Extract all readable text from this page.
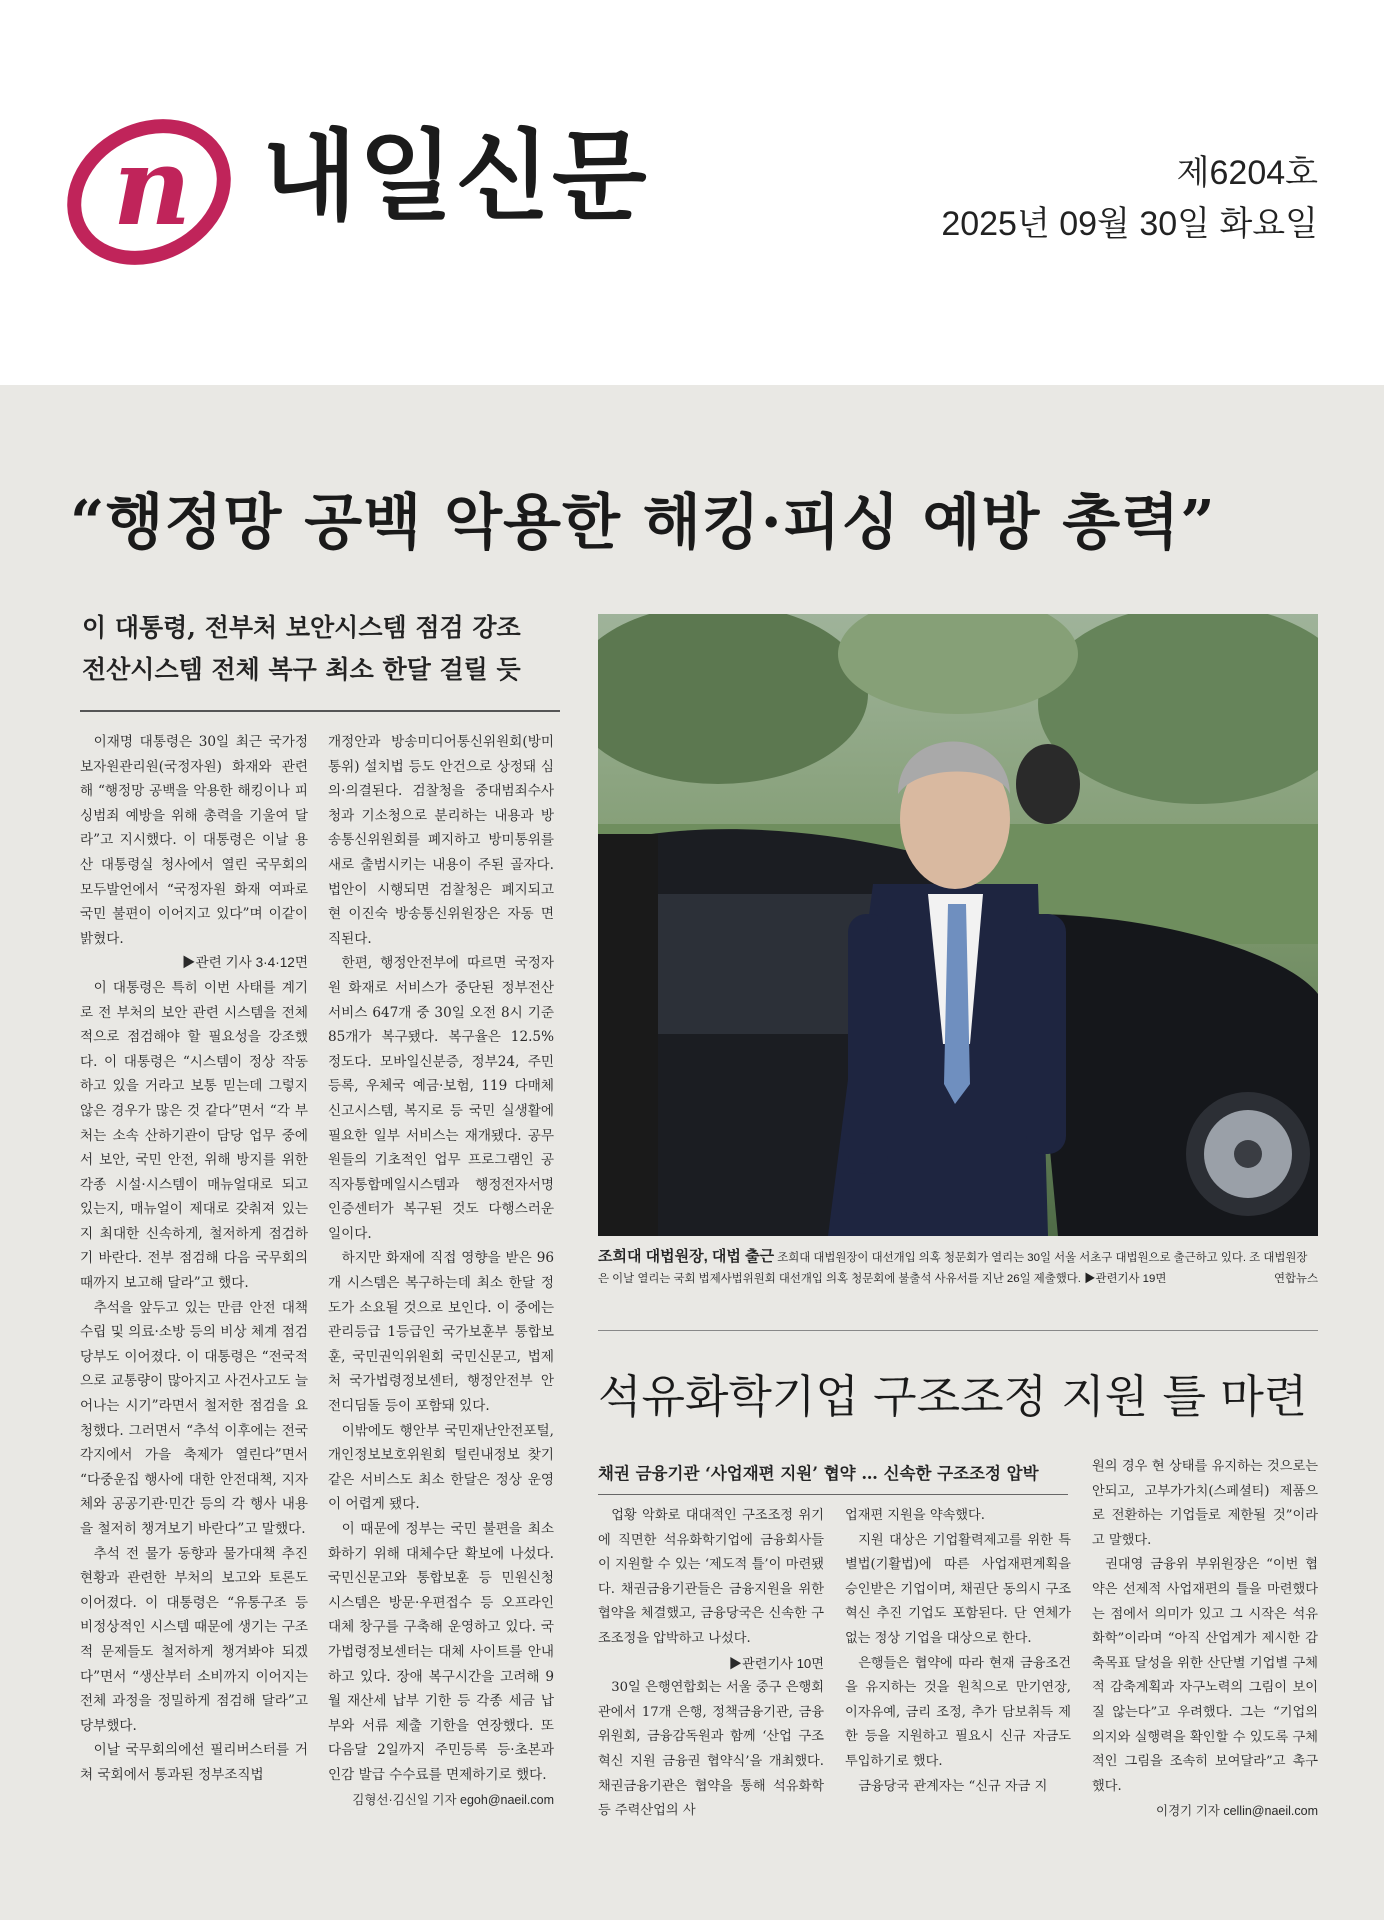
n 내일신문	제6204호
2025년 09월 30일 화요일
“행정망 공백 악용한 해킹·피싱 예방 총력”
이 대통령, 전부처 보안시스템 점검 강조
전산시스템 전체 복구 최소 한달 걸릴 듯

이재명 대통령은 30일 최근 국가정보자원관리원(국정자원) 화재와 관련해 “행정망 공백을 악용한 해킹이나 피싱범죄 예방을 위해 총력을 기울여 달라”고 지시했다. 이 대통령은 이날 용산 대통령실 청사에서 열린 국무회의 모두발언에서 “국정자원 화재 여파로 국민 불편이 이어지고 있다”며 이같이 밝혔다.

▶관련 기사 3·4·12면

이 대통령은 특히 이번 사태를 계기로 전 부처의 보안 관련 시스템을 전체적으로 점검해야 할 필요성을 강조했다. 이 대통령은 “시스템이 정상 작동하고 있을 거라고 보통 믿는데 그렇지 않은 경우가 많은 것 같다”면서 “각 부처는 소속 산하기관이 담당 업무 중에서 보안, 국민 안전, 위해 방지를 위한 각종 시설·시스템이 매뉴얼대로 되고 있는지, 매뉴얼이 제대로 갖춰져 있는지 최대한 신속하게, 철저하게 점검하기 바란다. 전부 점검해 다음 국무회의 때까지 보고해 달라”고 했다.

추석을 앞두고 있는 만큼 안전 대책 수립 및 의료·소방 등의 비상 체계 점검 당부도 이어졌다. 이 대통령은 “전국적으로 교통량이 많아지고 사건사고도 늘어나는 시기”라면서 철저한 점검을 요청했다. 그러면서 “추석 이후에는 전국 각지에서 가을 축제가 열린다”면서 “다중운집 행사에 대한 안전대책, 지자체와 공공기관·민간 등의 각 행사 내용을 철저히 챙겨보기 바란다”고 말했다.

추석 전 물가 동향과 물가대책 추진 현황과 관련한 부처의 보고와 토론도 이어졌다. 이 대통령은 “유통구조 등 비정상적인 시스템 때문에 생기는 구조적 문제들도 철저하게 챙겨봐야 되겠다”면서 “생산부터 소비까지 이어지는 전체 과정을 정밀하게 점검해 달라”고 당부했다.

이날 국무회의에선 필리버스터를 거쳐 국회에서 통과된 정부조직법

개정안과 방송미디어통신위원회(방미통위) 설치법 등도 안건으로 상정돼 심의·의결된다. 검찰청을 중대범죄수사청과 기소청으로 분리하는 내용과 방송통신위원회를 폐지하고 방미통위를 새로 출범시키는 내용이 주된 골자다. 법안이 시행되면 검찰청은 폐지되고 현 이진숙 방송통신위원장은 자동 면직된다.

한편, 행정안전부에 따르면 국정자원 화재로 서비스가 중단된 정부전산 서비스 647개 중 30일 오전 8시 기준 85개가 복구됐다. 복구율은 12.5% 정도다. 모바일신분증, 정부24, 주민등록, 우체국 예금·보험, 119 다매체 신고시스템, 복지로 등 국민 실생활에 필요한 일부 서비스는 재개됐다. 공무원들의 기초적인 업무 프로그램인 공직자통합메일시스템과 행정전자서명인증센터가 복구된 것도 다행스러운 일이다.

하지만 화재에 직접 영향을 받은 96개 시스템은 복구하는데 최소 한달 정도가 소요될 것으로 보인다. 이 중에는 관리등급 1등급인 국가보훈부 통합보훈, 국민권익위원회 국민신문고, 법제처 국가법령정보센터, 행정안전부 안전디딤돌 등이 포함돼 있다.

이밖에도 행안부 국민재난안전포털, 개인정보보호위원회 털린내정보 찾기 같은 서비스도 최소 한달은 정상 운영이 어렵게 됐다.

이 때문에 정부는 국민 불편을 최소화하기 위해 대체수단 확보에 나섰다. 국민신문고와 통합보훈 등 민원신청 시스템은 방문·우편접수 등 오프라인 대체 창구를 구축해 운영하고 있다. 국가법령정보센터는 대체 사이트를 안내하고 있다. 장애 복구시간을 고려해 9월 재산세 납부 기한 등 각종 세금 납부와 서류 제출 기한을 연장했다. 또 다음달 2일까지 주민등록 등·초본과 인감 발급 수수료를 면제하기로 했다.

김형선·김신일 기자 egoh@naeil.com

조희대 대법원장, 대법 출근 조희대 대법원장이 대선개입 의혹 청문회가 열리는 30일 서울 서초구 대법원으로 출근하고 있다. 조 대법원장은 이날 열리는 국회 법제사법위원회 대선개입 의혹 청문회에 불출석 사유서를 지난 26일 제출했다. ▶관련기사 19면	연합뉴스
석유화학기업 구조조정 지원 틀 마련
채권 금융기관 ‘사업재편 지원’ 협약 … 신속한 구조조정 압박

업황 악화로 대대적인 구조조정 위기에 직면한 석유화학기업에 금융회사들이 지원할 수 있는 ‘제도적 틀’이 마련됐다. 채권금융기관들은 금융지원을 위한 협약을 체결했고, 금융당국은 신속한 구조조정을 압박하고 나섰다.

▶관련기사 10면

30일 은행연합회는 서울 중구 은행회관에서 17개 은행, 정책금융기관, 금융위원회, 금융감독원과 함께 ‘산업 구조혁신 지원 금융권 협약식’을 개최했다. 채권금융기관은 협약을 통해 석유화학 등 주력산업의 사

업재편 지원을 약속했다.

지원 대상은 기업활력제고를 위한 특별법(기활법)에 따른 사업재편계획을 승인받은 기업이며, 채권단 동의시 구조혁신 추진 기업도 포함된다. 단 연체가 없는 정상 기업을 대상으로 한다.

은행들은 협약에 따라 현재 금융조건을 유지하는 것을 원칙으로 만기연장, 이자유예, 금리 조정, 추가 담보취득 제한 등을 지원하고 필요시 신규 자금도 투입하기로 했다.

금융당국 관계자는 “신규 자금 지

원의 경우 현 상태를 유지하는 것으로는 안되고, 고부가가치(스페셜티) 제품으로 전환하는 기업들로 제한될 것”이라고 말했다.

권대영 금융위 부위원장은 “이번 협약은 선제적 사업재편의 틀을 마련했다는 점에서 의미가 있고 그 시작은 석유화학”이라며 “아직 산업계가 제시한 감축목표 달성을 위한 산단별 기업별 구체적 감축계획과 자구노력의 그림이 보이질 않는다”고 우려했다. 그는 “기업의 의지와 실행력을 확인할 수 있도록 구체적인 그림을 조속히 보여달라”고 촉구했다.

이경기 기자 cellin@naeil.com
